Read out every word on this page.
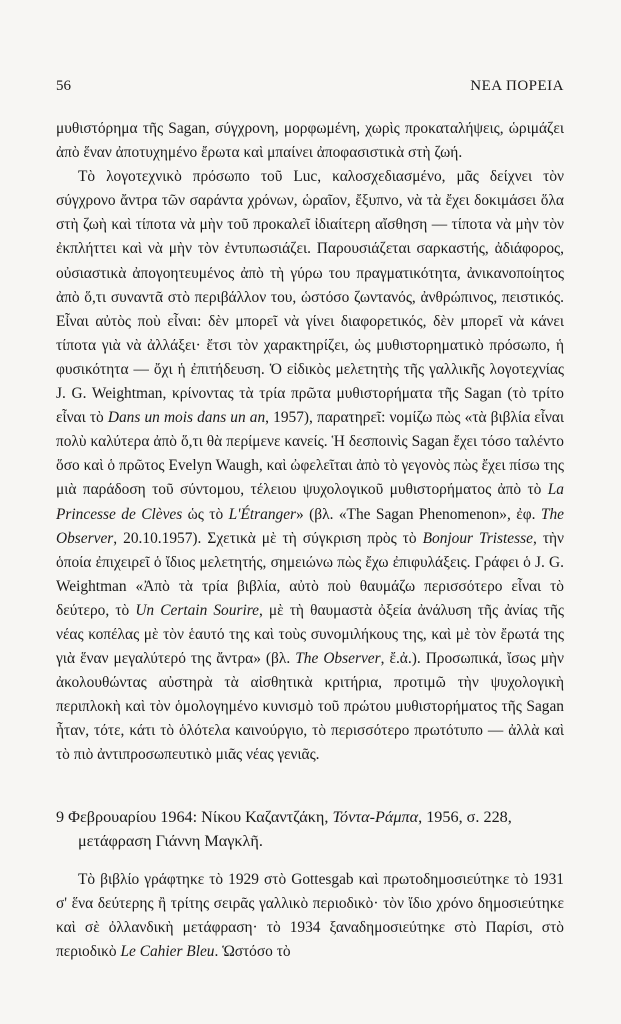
56	ΝΕΑ ΠΟΡΕΙΑ

μυθιστόρημα τῆς Sagan, σύγχρονη, μορφωμένη, χωρὶς προκαταλήψεις, ὡριμάζει ἀπὸ ἕναν ἀποτυχημένο ἔρωτα καὶ μπαίνει ἀποφασιστικὰ στὴ ζωή.

Τὸ λογοτεχνικὸ πρόσωπο τοῦ Luc, καλοσχεδιασμένο, μᾶς δείχνει τὸν σύγχρονο ἄντρα τῶν σαράντα χρόνων, ὡραῖον, ἔξυπνο, νὰ τὰ ἔχει δοκιμάσει ὅλα στὴ ζωὴ καὶ τίποτα νὰ μὴν τοῦ προκαλεῖ ἰδιαίτερη αἴσθηση — τίποτα νὰ μὴν τὸν ἐκπλήττει καὶ νὰ μὴν τὸν ἐντυπωσιάζει. Παρουσιάζεται σαρκαστής, ἀδιάφορος, οὐσιαστικὰ ἀπογοητευμένος ἀπὸ τὴ γύρω του πραγματικότητα, ἀνικανοποίητος ἀπὸ ὅ,τι συναντᾶ στὸ περιβάλλον του, ὡστόσο ζωντανός, ἀνθρώπινος, πειστικός. Εἶναι αὐτὸς ποὺ εἶναι: δὲν μπορεῖ νὰ γίνει διαφορετικός, δὲν μπορεῖ νὰ κάνει τίποτα γιὰ νὰ ἀλλάξει· ἔτσι τὸν χαρακτηρίζει, ὡς μυθιστορηματικὸ πρόσωπο, ἡ φυσικότητα — ὄχι ἡ ἐπιτήδευση. Ὁ εἰδικὸς μελετητὴς τῆς γαλλικῆς λογοτεχνίας J. G. Weightman, κρίνοντας τὰ τρία πρῶτα μυθιστορήματα τῆς Sagan (τὸ τρίτο εἶναι τὸ Dans un mois dans un an, 1957), παρατηρεῖ: νομίζω πὼς «τὰ βιβλία εἶναι πολὺ καλύτερα ἀπὸ ὅ,τι θὰ περίμενε κανείς. Ἡ δεσποινὶς Sagan ἔχει τόσο ταλέντο ὅσο καὶ ὁ πρῶτος Evelyn Waugh, καὶ ὠφελεῖται ἀπὸ τὸ γεγονὸς πὼς ἔχει πίσω της μιὰ παράδοση τοῦ σύντομου, τέλειου ψυχολογικοῦ μυθιστορήματος ἀπὸ τὸ La Princesse de Clèves ὡς τὸ L'Étranger» (βλ. «The Sagan Phenomenon», ἐφ. The Observer, 20.10.1957). Σχετικὰ μὲ τὴ σύγκριση πρὸς τὸ Bonjour Tristesse, τὴν ὁποία ἐπιχειρεῖ ὁ ἴδιος μελετητής, σημειώνω πὼς ἔχω ἐπιφυλάξεις. Γράφει ὁ J. G. Weightman «Ἀπὸ τὰ τρία βιβλία, αὐτὸ ποὺ θαυμάζω περισσότερο εἶναι τὸ δεύτερο, τὸ Un Certain Sourire, μὲ τὴ θαυμαστὰ ὀξεία ἀνάλυση τῆς ἀνίας τῆς νέας κοπέλας μὲ τὸν ἑαυτό της καὶ τοὺς συνομιλήκους της, καὶ μὲ τὸν ἔρωτά της γιὰ ἕναν μεγαλύτερό της ἄντρα» (βλ. The Observer, ἔ.ἀ.). Προσωπικά, ἴσως μὴν ἀκολουθώντας αὐστηρὰ τὰ αἰσθητικὰ κριτήρια, προτιμῶ τὴν ψυχολογικὴ περιπλοκὴ καὶ τὸν ὁμολογημένο κυνισμὸ τοῦ πρώτου μυθιστορήματος τῆς Sagan ἦταν, τότε, κάτι τὸ ὁλότελα καινούργιο, τὸ περισσότερο πρωτότυπο — ἀλλὰ καὶ τὸ πιὸ ἀντιπροσωπευτικὸ μιᾶς νέας γενιᾶς.

9 Φεβρουαρίου 1964: Νίκου Καζαντζάκη, Τόντα-Ράμπα, 1956, σ. 228, μετάφραση Γιάννη Μαγκλῆ.

Τὸ βιβλίο γράφτηκε τὸ 1929 στὸ Gottesgab καὶ πρωτοδημοσιεύτηκε τὸ 1931 σ' ἕνα δεύτερης ἢ τρίτης σειρᾶς γαλλικὸ περιοδικὸ· τὸν ἴδιο χρόνο δημοσιεύτηκε καὶ σὲ ὀλλανδικὴ μετάφραση· τὸ 1934 ξαναδημοσιεύτηκε στὸ Παρίσι, στὸ περιοδικὸ Le Cahier Bleu. Ὡστόσο τὸ
